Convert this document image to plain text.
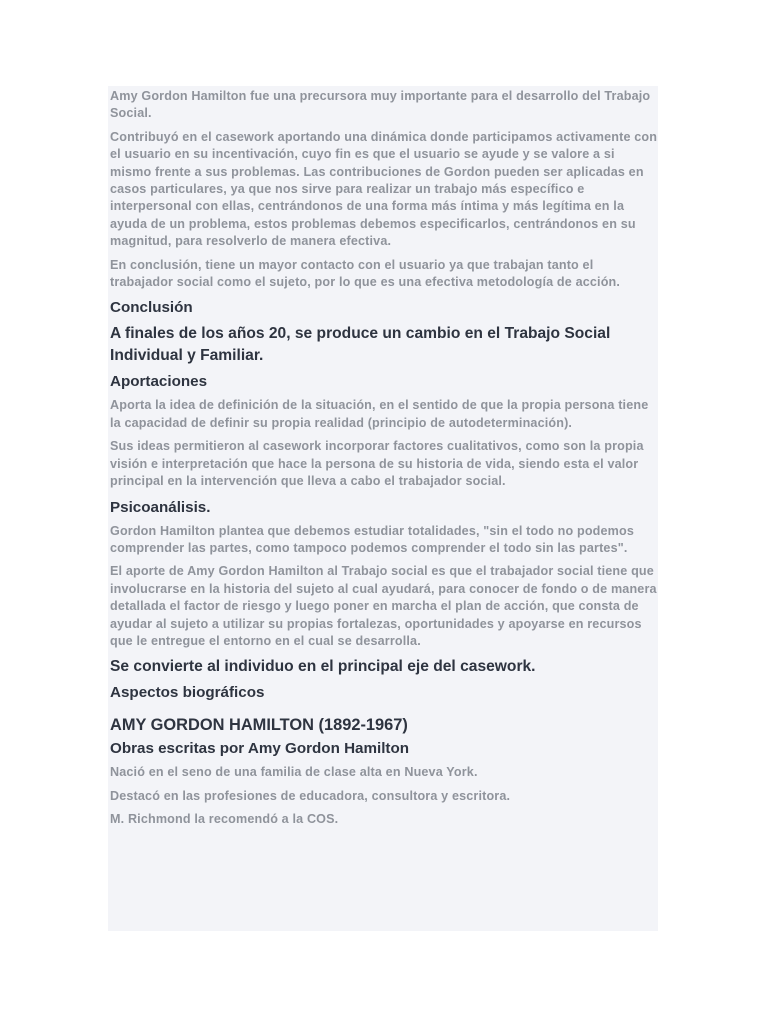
Amy Gordon Hamilton fue una precursora muy importante para el desarrollo del Trabajo Social.

Contribuyó en el casework aportando una dinámica donde participamos activamente con el usuario en su incentivación, cuyo fin es que el usuario se ayude y se valore a si mismo frente a sus problemas. Las contribuciones de Gordon pueden ser aplicadas en casos particulares, ya que nos sirve para realizar un trabajo más específico e interpersonal con ellas, centrándonos de una forma más íntima y más legítima en la ayuda de un problema, estos problemas debemos especificarlos, centrándonos en su magnitud, para resolverlo de manera efectiva.

En conclusión, tiene un mayor contacto con el usuario ya que trabajan tanto el trabajador social como el sujeto, por lo que es una efectiva metodología de acción.

Conclusión
A finales de los años 20, se produce un cambio en el Trabajo Social Individual y Familiar.
Aportaciones

Aporta la idea de definición de la situación, en el sentido de que la propia persona tiene la capacidad de definir su propia realidad (principio de autodeterminación).

Sus ideas permitieron al casework incorporar factores cualitativos, como son la propia visión e interpretación que hace la persona de su historia de vida, siendo esta el valor principal en la intervención que lleva a cabo el trabajador social.

Psicoanálisis.

Gordon Hamilton plantea que debemos estudiar totalidades, "sin el todo no podemos comprender las partes, como tampoco podemos comprender el todo sin las partes".

El aporte de Amy Gordon Hamilton al Trabajo social es que el trabajador social tiene que involucrarse en la historia del sujeto al cual ayudará, para conocer de fondo o de manera detallada el factor de riesgo y luego poner en marcha el plan de acción, que consta de ayudar al sujeto a utilizar su propias fortalezas, oportunidades y apoyarse en recursos que le entregue el entorno en el cual se desarrolla.

Se convierte al individuo en el principal eje del casework.
Aspectos biográficos
AMY GORDON HAMILTON (1892-1967)
Obras escritas por Amy Gordon Hamilton

Nació en el seno de una familia de clase alta en Nueva York.

Destacó en las profesiones de educadora, consultora y escritora.

M. Richmond la recomendó a la COS.
